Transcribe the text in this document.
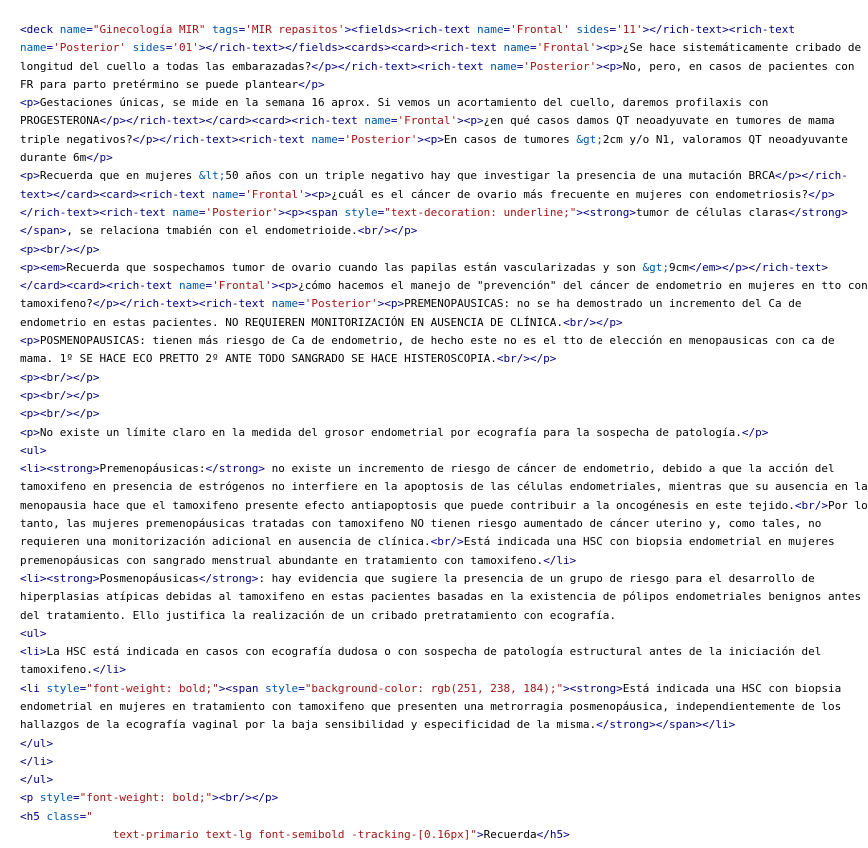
<deck name="Ginecología MIR" tags='MIR repasitos'><fields><rich-text name='Frontal' sides='11'></rich-text><rich-text
name='Posterior' sides='01'></rich-text></fields><cards><card><rich-text name='Frontal'><p>¿Se hace sistemáticamente cribado de
longitud del cuello a todas las embarazadas?</p></rich-text><rich-text name='Posterior'><p>No, pero, en casos de pacientes con
FR para parto pretérmino se puede plantear</p>
<p>Gestaciones únicas, se mide en la semana 16 aprox. Si vemos un acortamiento del cuello, daremos profilaxis con
PROGESTERONA</p></rich-text></card><card><rich-text name='Frontal'><p>¿en qué casos damos QT neoadyuvate en tumores de mama
triple negativos?</p></rich-text><rich-text name='Posterior'><p>En casos de tumores &gt;2cm y/o N1, valoramos QT neoadyuvante
durante 6m</p>
<p>Recuerda que en mujeres &lt;50 años con un triple negativo hay que investigar la presencia de una mutación BRCA</p></rich-
text></card><card><rich-text name='Frontal'><p>¿cuál es el cáncer de ovario más frecuente en mujeres con endometriosis?</p>
</rich-text><rich-text name='Posterior'><p><span style="text-decoration: underline;"><strong>tumor de células claras</strong>
</span>, se relaciona tmabién con el endometrioide.<br/></p>
<p><br/></p>
<p><em>Recuerda que sospechamos tumor de ovario cuando las papilas están vascularizadas y son &gt;9cm</em></p></rich-text>
</card><card><rich-text name='Frontal'><p>¿cómo hacemos el manejo de "prevención" del cáncer de endometrio en mujeres en tto con
tamoxifeno?</p></rich-text><rich-text name='Posterior'><p>PREMENOPAUSICAS: no se ha demostrado un incremento del Ca de
endometrio en estas pacientes. NO REQUIEREN MONITORIZACIÓN EN AUSENCIA DE CLÍNICA.<br/></p>
<p>POSMENOPAUSICAS: tienen más riesgo de Ca de endometrio, de hecho este no es el tto de elección en menopausicas con ca de
mama. 1º SE HACE ECO PRETTO 2º ANTE TODO SANGRADO SE HACE HISTEROSCOPIA.<br/></p>
<p><br/></p>
<p><br/></p>
<p><br/></p>
<p>No existe un límite claro en la medida del grosor endometrial por ecografía para la sospecha de patología.</p>
<ul>
<li><strong>Premenopáusicas:</strong> no existe un incremento de riesgo de cáncer de endometrio, debido a que la acción del
tamoxifeno en presencia de estrógenos no interfiere en la apoptosis de las células endometriales, mientras que su ausencia en la
menopausia hace que el tamoxifeno presente efecto antiapoptosis que puede contribuir a la oncogénesis en este tejido.<br/>Por lo
tanto, las mujeres premenopáusicas tratadas con tamoxifeno NO tienen riesgo aumentado de cáncer uterino y, como tales, no
requieren una monitorización adicional en ausencia de clínica.<br/>Está indicada una HSC con biopsia endometrial en mujeres
premenopáusicas con sangrado menstrual abundante en tratamiento con tamoxifeno.</li>
<li><strong>Posmenopáusicas</strong>: hay evidencia que sugiere la presencia de un grupo de riesgo para el desarrollo de
hiperplasias atípicas debidas al tamoxifeno en estas pacientes basadas en la existencia de pólipos endometriales benignos antes
del tratamiento. Ello justifica la realización de un cribado pretratamiento con ecografía.
<ul>
<li>La HSC está indicada en casos con ecografía dudosa o con sospecha de patología estructural antes de la iniciación del
tamoxifeno.</li>
<li style="font-weight: bold;"><span style="background-color: rgb(251, 238, 184);"><strong>Está indicada una HSC con biopsia
endometrial en mujeres en tratamiento con tamoxifeno que presenten una metrorragia posmenopáusica, independientemente de los
hallazgos de la ecografía vaginal por la baja sensibilidad y especificidad de la misma.</strong></span></li>
</ul>
</li>
</ul>
<p style="font-weight: bold;"><br/></p>
<h5 class="
text-primario text-lg font-semibold -tracking-[0.16px]">Recuerda</h5>
